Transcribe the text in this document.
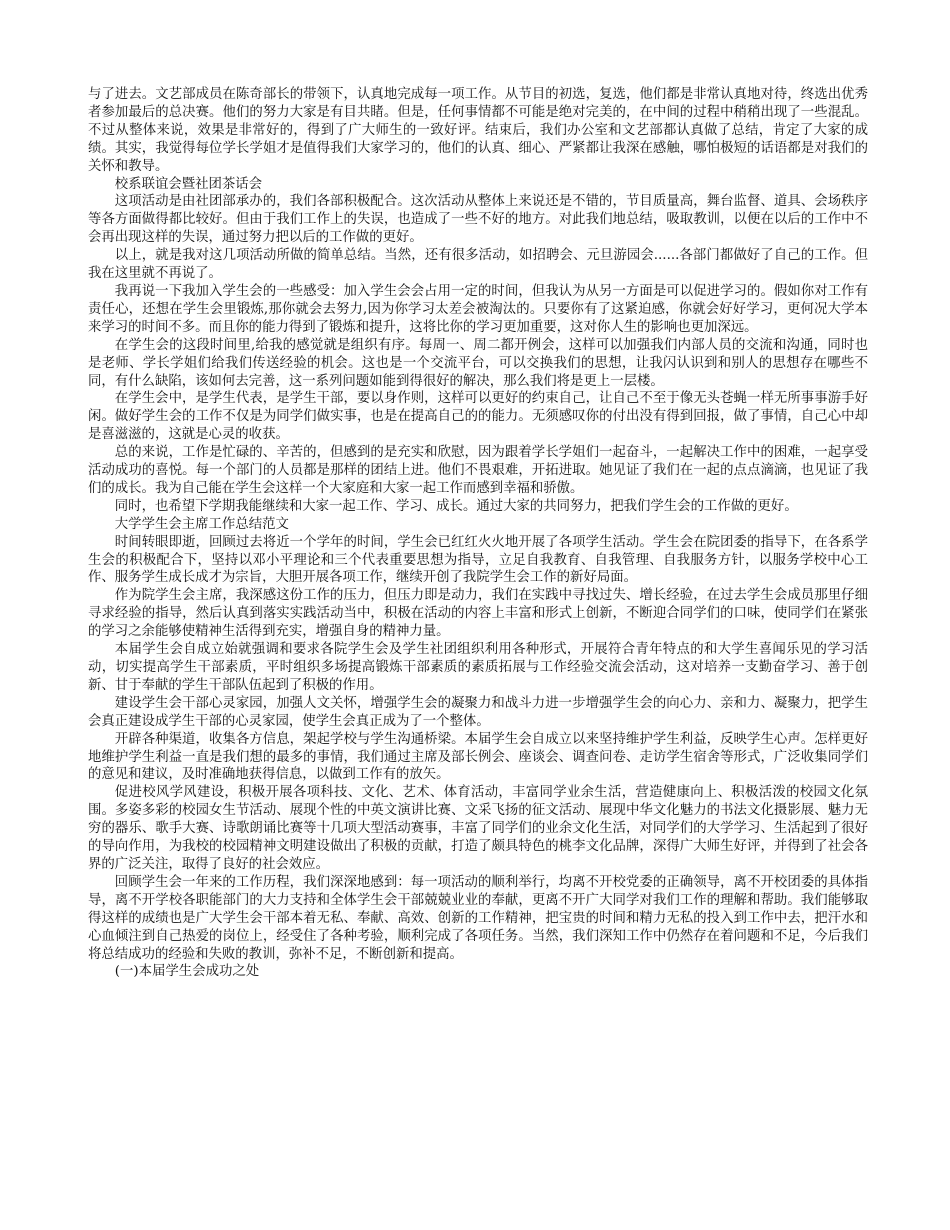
与了进去。文艺部成员在陈奇部长的带领下，认真地完成每一项工作。从节目的初选，复选，他们都是非常认真地对待，终选出优秀者参加最后的总决赛。他们的努力大家是有目共睹。但是，任何事情都不可能是绝对完美的，在中间的过程中稍稍出现了一些混乱。不过从整体来说，效果是非常好的，得到了广大师生的一致好评。结束后，我们办公室和文艺部都认真做了总结，肯定了大家的成绩。其实，我觉得每位学长学姐才是值得我们大家学习的，他们的认真、细心、严紧都让我深在感触，哪怕极短的话语都是对我们的关怀和教导。

校系联谊会暨社团茶话会

这项活动是由社团部承办的，我们各部积极配合。这次活动从整体上来说还是不错的，节目质量高，舞台监督、道具、会场秩序等各方面做得都比较好。但由于我们工作上的失误，也造成了一些不好的地方。对此我们地总结，吸取教训，以便在以后的工作中不会再出现这样的失误，通过努力把以后的工作做的更好。

以上，就是我对这几项活动所做的简单总结。当然，还有很多活动，如招聘会、元旦游园会......各部门都做好了自己的工作。但我在这里就不再说了。

我再说一下我加入学生会的一些感受：加入学生会会占用一定的时间，但我认为从另一方面是可以促进学习的。假如你对工作有责任心，还想在学生会里锻炼,那你就会去努力,因为你学习太差会被淘汰的。只要你有了这紧迫感，你就会好好学习，更何况大学本来学习的时间不多。而且你的能力得到了锻炼和提升，这将比你的学习更加重要，这对你人生的影响也更加深远。

在学生会的这段时间里,给我的感觉就是组织有序。每周一、周二都开例会，这样可以加强我们内部人员的交流和沟通，同时也是老师、学长学姐们给我们传送经验的机会。这也是一个交流平台，可以交换我们的思想，让我闪认识到和别人的思想存在哪些不同，有什么缺陷，该如何去完善，这一系列问题如能到得很好的解决，那么我们将是更上一层楼。

在学生会中，是学生代表，是学生干部，要以身作则，这样可以更好的约束自己，让自己不至于像无头苍蝇一样无所事事游手好闲。做好学生会的工作不仅是为同学们做实事，也是在提高自己的的能力。无须感叹你的付出没有得到回报，做了事情，自己心中却是喜滋滋的，这就是心灵的收获。

总的来说，工作是忙碌的、辛苦的，但感到的是充实和欣慰，因为跟着学长学姐们一起奋斗，一起解决工作中的困难，一起享受活动成功的喜悦。每一个部门的人员都是那样的团结上进。他们不畏艰难，开拓进取。她见证了我们在一起的点点滴滴，也见证了我们的成长。我为自己能在学生会这样一个大家庭和大家一起工作而感到幸福和骄傲。

同时，也希望下学期我能继续和大家一起工作、学习、成长。通过大家的共同努力，把我们学生会的工作做的更好。

大学学生会主席工作总结范文

时间转眼即逝，回顾过去将近一个学年的时间，学生会已红红火火地开展了各项学生活动。学生会在院团委的指导下，在各系学生会的积极配合下，坚持以邓小平理论和三个代表重要思想为指导，立足自我教育、自我管理、自我服务方针，以服务学校中心工作、服务学生成长成才为宗旨，大胆开展各项工作，继续开创了我院学生会工作的新好局面。

作为院学生会主席，我深感这份工作的压力，但压力即是动力，我们在实践中寻找过失、增长经验，在过去学生会成员那里仔细寻求经验的指导，然后认真到落实实践活动当中，积极在活动的内容上丰富和形式上创新，不断迎合同学们的口味，使同学们在紧张的学习之余能够使精神生活得到充实，增强自身的精神力量。

本届学生会自成立始就强调和要求各院学生会及学生社团组织利用各种形式，开展符合青年特点的和大学生喜闻乐见的学习活动，切实提高学生干部素质，平时组织多场提高锻炼干部素质的素质拓展与工作经验交流会活动，这对培养一支勤奋学习、善于创新、甘于奉献的学生干部队伍起到了积极的作用。

建设学生会干部心灵家园，加强人文关怀，增强学生会的凝聚力和战斗力进一步增强学生会的向心力、亲和力、凝聚力，把学生会真正建设成学生干部的心灵家园，使学生会真正成为了一个整体。

开辟各种渠道，收集各方信息，架起学校与学生沟通桥梁。本届学生会自成立以来坚持维护学生利益，反映学生心声。怎样更好地维护学生利益一直是我们想的最多的事情，我们通过主席及部长例会、座谈会、调查问卷、走访学生宿舍等形式，广泛收集同学们的意见和建议，及时准确地获得信息，以做到工作有的放矢。

促进校风学风建设，积极开展各项科技、文化、艺术、体育活动，丰富同学业余生活，营造健康向上、积极活泼的校园文化氛围。多姿多彩的校园女生节活动、展现个性的中英文演讲比赛、文采飞扬的征文活动、展现中华文化魅力的书法文化摄影展、魅力无穷的器乐、歌手大赛、诗歌朗诵比赛等十几项大型活动赛事，丰富了同学们的业余文化生活，对同学们的大学学习、生活起到了很好的导向作用，为我校的校园精神文明建设做出了积极的贡献，打造了颇具特色的桃李文化品牌，深得广大师生好评，并得到了社会各界的广泛关注，取得了良好的社会效应。

回顾学生会一年来的工作历程，我们深深地感到：每一项活动的顺利举行，均离不开校党委的正确领导，离不开校团委的具体指导，离不开学校各职能部门的大力支持和全体学生会干部兢兢业业的奉献，更离不开广大同学对我们工作的理解和帮助。我们能够取得这样的成绩也是广大学生会干部本着无私、奉献、高效、创新的工作精神，把宝贵的时间和精力无私的投入到工作中去，把汗水和心血倾注到自己热爱的岗位上，经受住了各种考验，顺利完成了各项任务。当然，我们深知工作中仍然存在着问题和不足，今后我们将总结成功的经验和失败的教训，弥补不足，不断创新和提高。

(一)本届学生会成功之处
